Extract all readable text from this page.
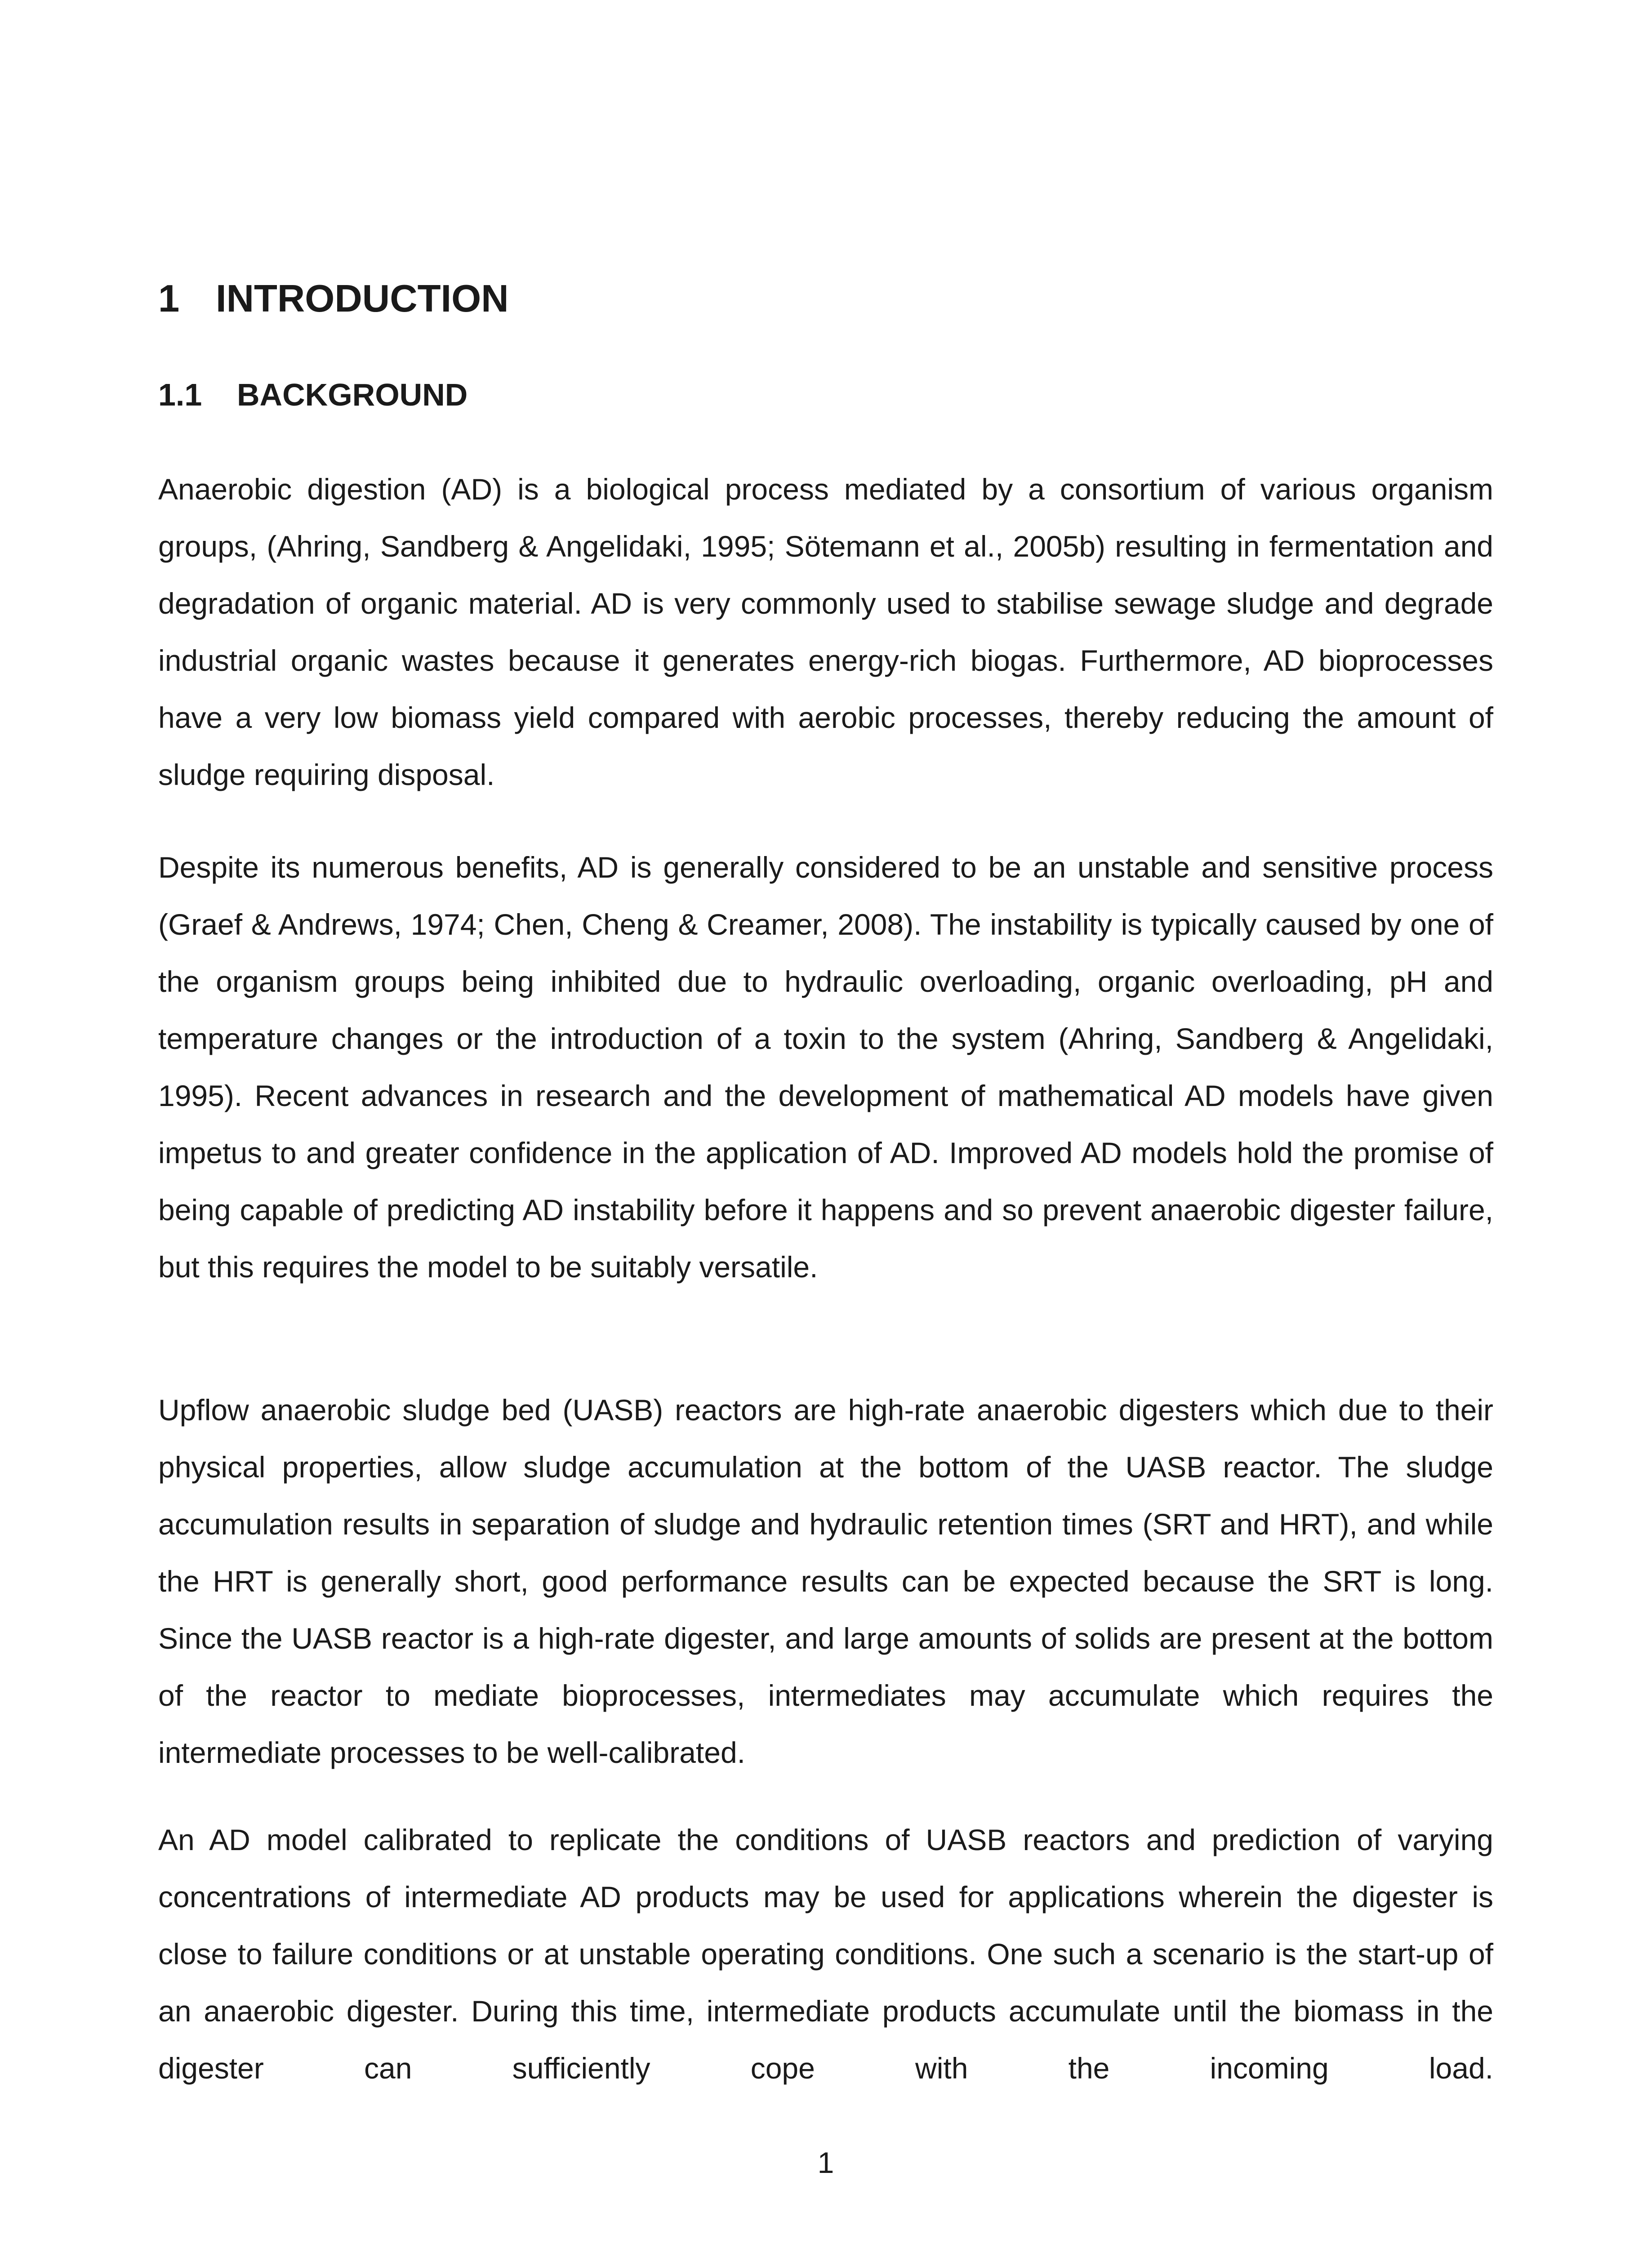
1 INTRODUCTION
1.1 BACKGROUND

Anaerobic digestion (AD) is a biological process mediated by a consortium of various organism groups, (Ahring, Sandberg & Angelidaki, 1995; Sötemann et al., 2005b) resulting in fermentation and degradation of organic material. AD is very commonly used to stabilise sewage sludge and degrade industrial organic wastes because it generates energy-rich biogas. Furthermore, AD bioprocesses have a very low biomass yield compared with aerobic processes, thereby reducing the amount of sludge requiring disposal.

Despite its numerous benefits, AD is generally considered to be an unstable and sensitive process (Graef & Andrews, 1974; Chen, Cheng & Creamer, 2008). The instability is typically caused by one of the organism groups being inhibited due to hydraulic overloading, organic overloading, pH and temperature changes or the introduction of a toxin to the system (Ahring, Sandberg & Angelidaki, 1995). Recent advances in research and the development of mathematical AD models have given impetus to and greater confidence in the application of AD. Improved AD models hold the promise of being capable of predicting AD instability before it happens and so prevent anaerobic digester failure, but this requires the model to be suitably versatile.

Upflow anaerobic sludge bed (UASB) reactors are high-rate anaerobic digesters which due to their physical properties, allow sludge accumulation at the bottom of the UASB reactor. The sludge accumulation results in separation of sludge and hydraulic retention times (SRT and HRT), and while the HRT is generally short, good performance results can be expected because the SRT is long. Since the UASB reactor is a high-rate digester, and large amounts of solids are present at the bottom of the reactor to mediate bioprocesses, intermediates may accumulate which requires the intermediate processes to be well-calibrated.

An AD model calibrated to replicate the conditions of UASB reactors and prediction of varying concentrations of intermediate AD products may be used for applications wherein the digester is close to failure conditions or at unstable operating conditions. One such a scenario is the start-up of an anaerobic digester. During this time, intermediate products accumulate until the biomass in the digester can sufficiently cope with the incoming load.

1
